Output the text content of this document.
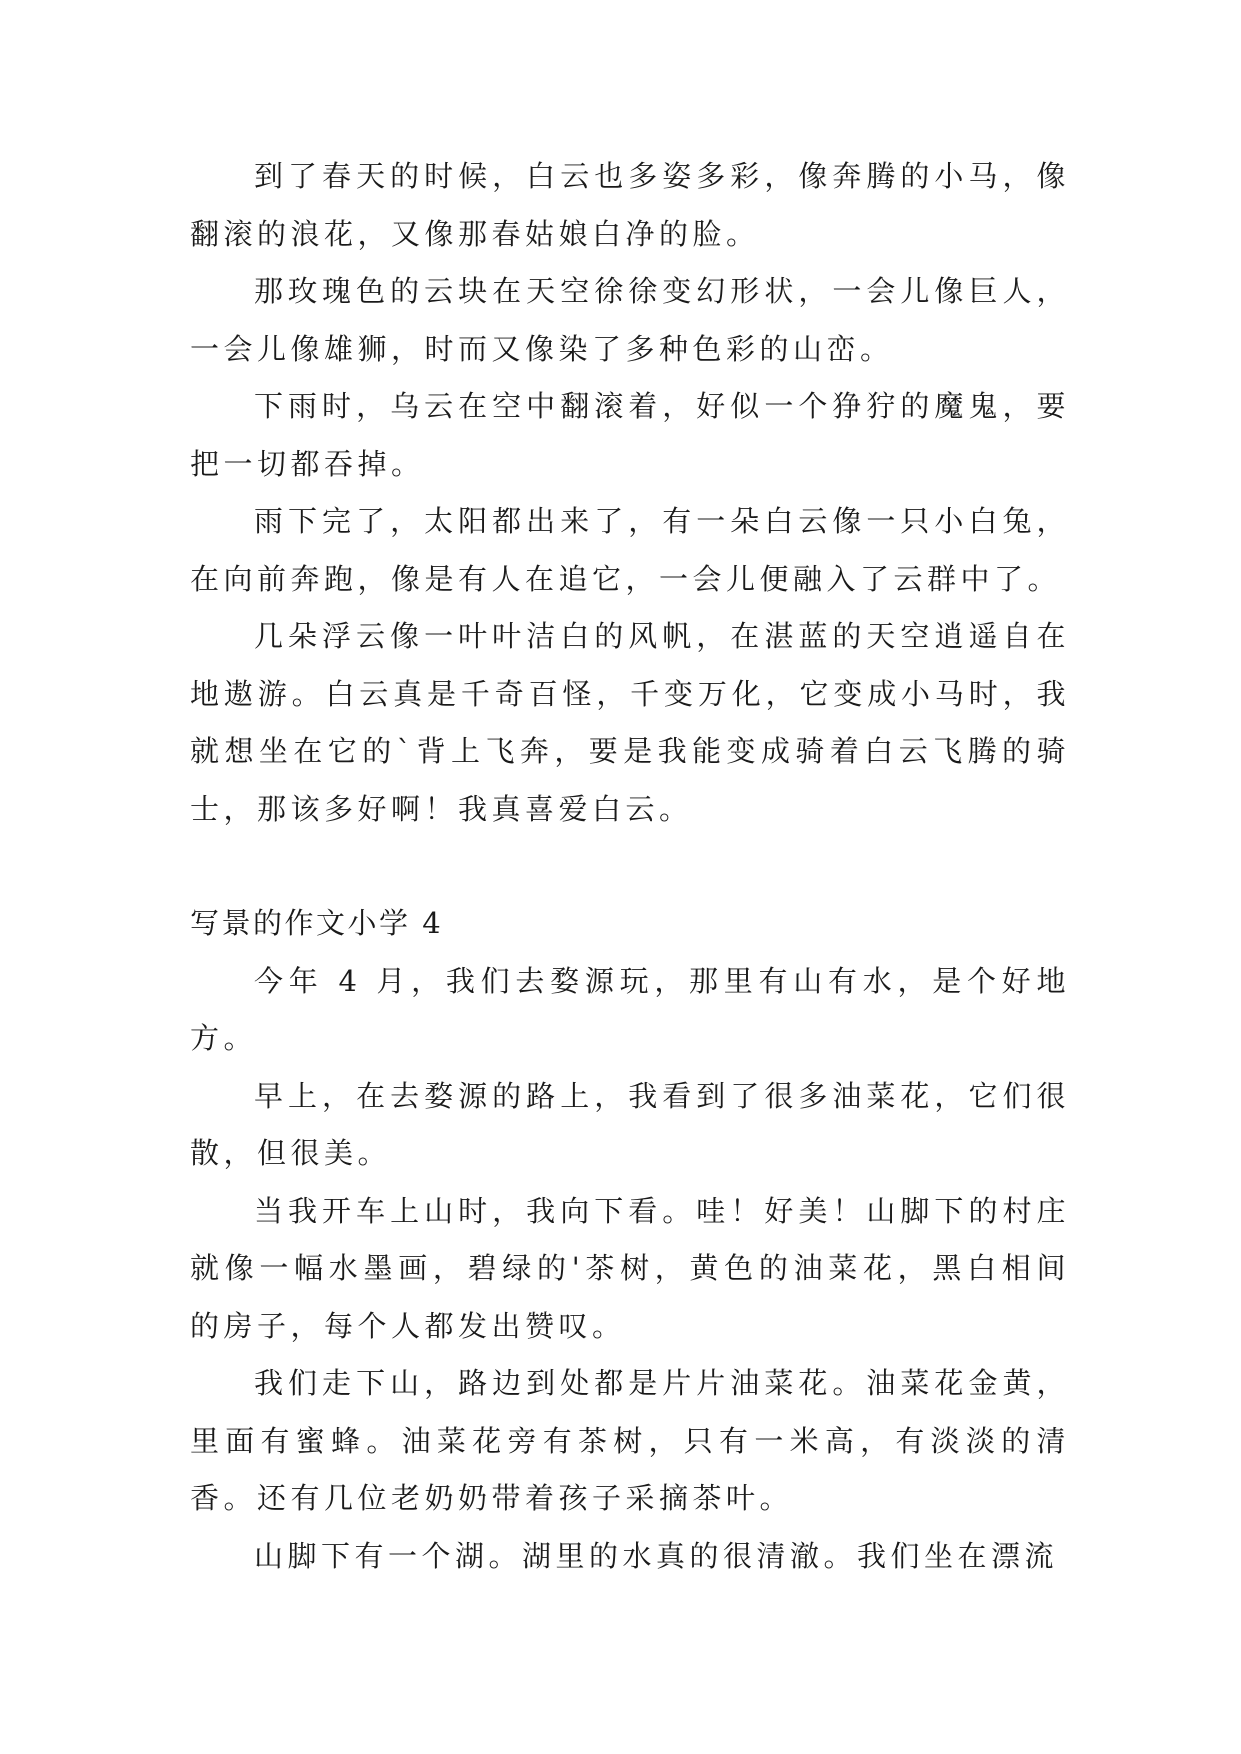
到了春天的时候，白云也多姿多彩，像奔腾的小马，像翻滚的浪花，又像那春姑娘白净的脸。

那玫瑰色的云块在天空徐徐变幻形状，一会儿像巨人，一会儿像雄狮，时而又像染了多种色彩的山峦。

下雨时，乌云在空中翻滚着，好似一个狰狞的魔鬼，要把一切都吞掉。

雨下完了，太阳都出来了，有一朵白云像一只小白兔，在向前奔跑，像是有人在追它，一会儿便融入了云群中了。

几朵浮云像一叶叶洁白的风帆，在湛蓝的天空逍遥自在地遨游。白云真是千奇百怪，千变万化，它变成小马时，我就想坐在它的`背上飞奔，要是我能变成骑着白云飞腾的骑士，那该多好啊！我真喜爱白云。

写景的作文小学 4

今年 4 月，我们去婺源玩，那里有山有水，是个好地方。

早上，在去婺源的路上，我看到了很多油菜花，它们很散，但很美。

当我开车上山时，我向下看。哇！好美！山脚下的村庄就像一幅水墨画，碧绿的'茶树，黄色的油菜花，黑白相间的房子，每个人都发出赞叹。

我们走下山，路边到处都是片片油菜花。油菜花金黄，里面有蜜蜂。油菜花旁有茶树，只有一米高，有淡淡的清香。还有几位老奶奶带着孩子采摘茶叶。

山脚下有一个湖。湖里的水真的很清澈。我们坐在漂流
